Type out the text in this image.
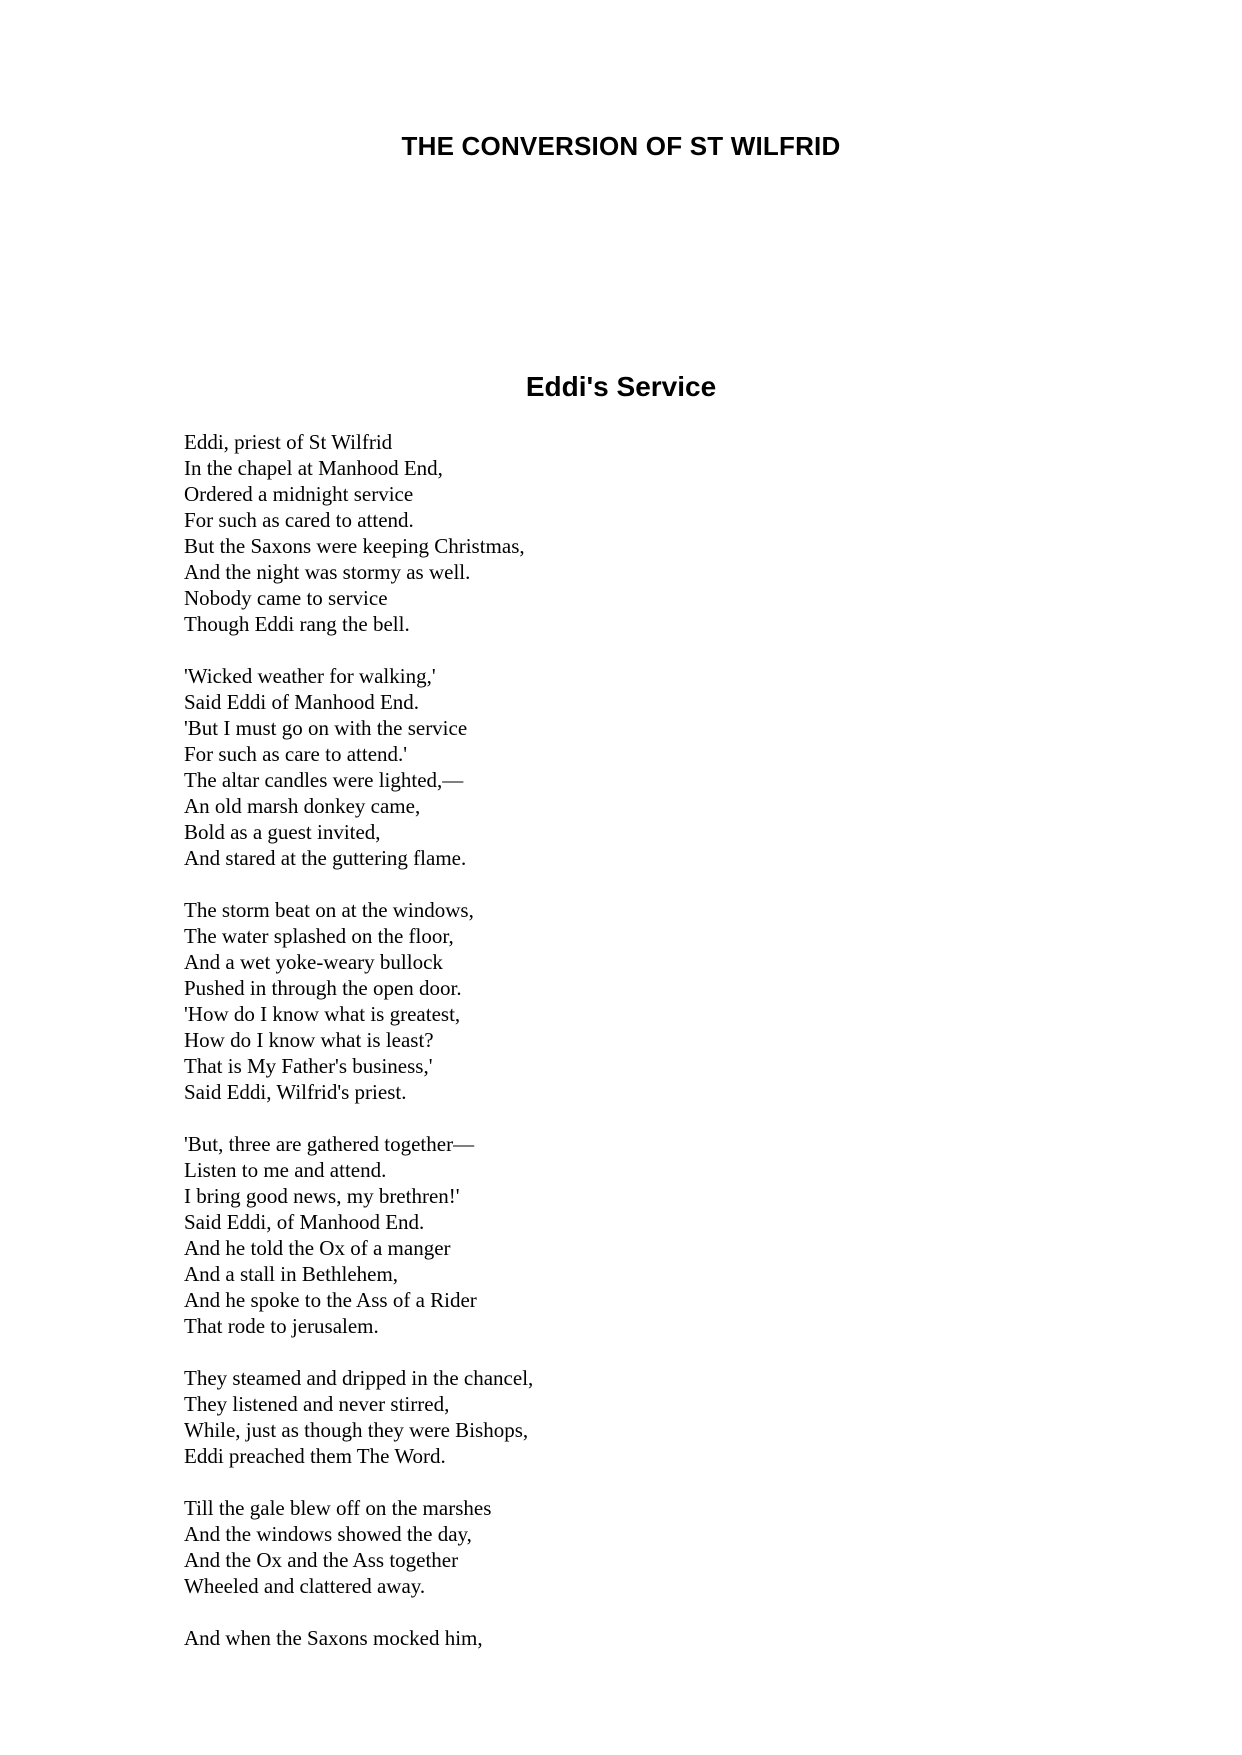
THE CONVERSION OF ST WILFRID
Eddi's Service
Eddi, priest of St Wilfrid
In the chapel at Manhood End,
Ordered a midnight service
For such as cared to attend.
But the Saxons were keeping Christmas,
And the night was stormy as well.
Nobody came to service
Though Eddi rang the bell.
'Wicked weather for walking,'
Said Eddi of Manhood End.
'But I must go on with the service
For such as care to attend.'
The altar candles were lighted,—
An old marsh donkey came,
Bold as a guest invited,
And stared at the guttering flame.
The storm beat on at the windows,
The water splashed on the floor,
And a wet yoke-weary bullock
Pushed in through the open door.
'How do I know what is greatest,
How do I know what is least?
That is My Father's business,'
Said Eddi, Wilfrid's priest.
'But, three are gathered together—
Listen to me and attend.
I bring good news, my brethren!'
Said Eddi, of Manhood End.
And he told the Ox of a manger
And a stall in Bethlehem,
And he spoke to the Ass of a Rider
That rode to jerusalem.
They steamed and dripped in the chancel,
They listened and never stirred,
While, just as though they were Bishops,
Eddi preached them The Word.
Till the gale blew off on the marshes
And the windows showed the day,
And the Ox and the Ass together
Wheeled and clattered away.
And when the Saxons mocked him,
